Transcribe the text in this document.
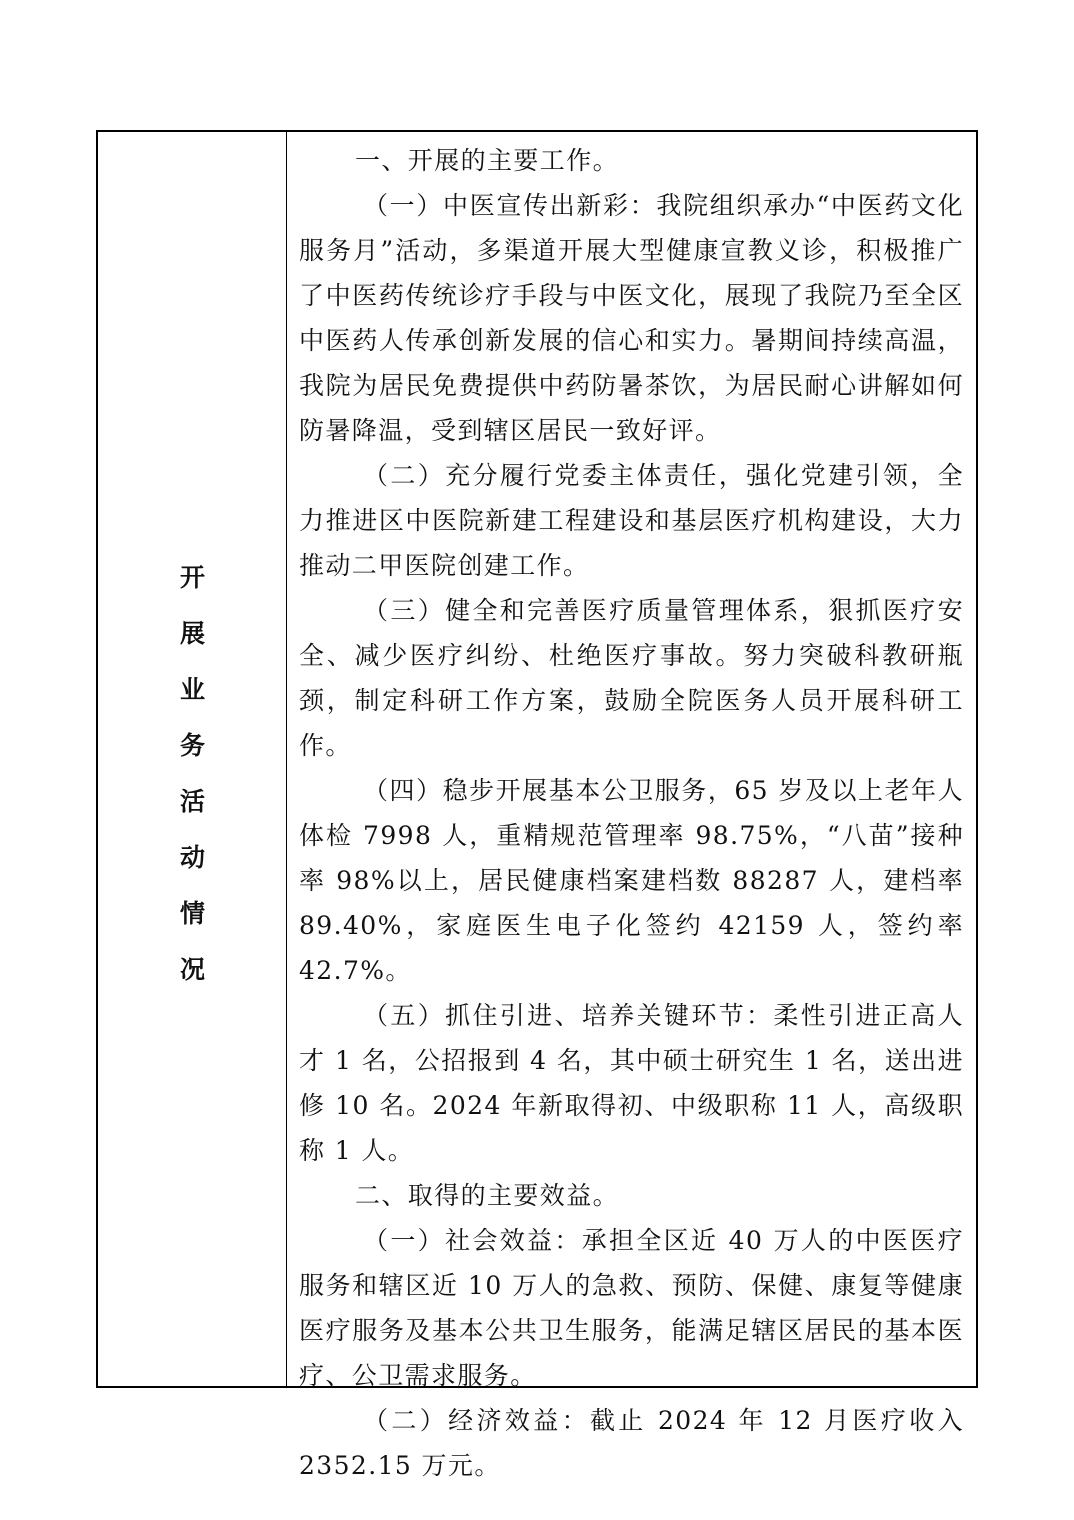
开
展
业
务
活
动
情
况

一、开展的主要工作。

（一）中医宣传出新彩：我院组织承办“中医药文化服务月”活动，多渠道开展大型健康宣教义诊，积极推广了中医药传统诊疗手段与中医文化，展现了我院乃至全区中医药人传承创新发展的信心和实力。暑期间持续高温，我院为居民免费提供中药防暑茶饮，为居民耐心讲解如何防暑降温，受到辖区居民一致好评。

（二）充分履行党委主体责任，强化党建引领，全力推进区中医院新建工程建设和基层医疗机构建设，大力推动二甲医院创建工作。

（三）健全和完善医疗质量管理体系，狠抓医疗安全、减少医疗纠纷、杜绝医疗事故。努力突破科教研瓶颈，制定科研工作方案，鼓励全院医务人员开展科研工作。

（四）稳步开展基本公卫服务，65 岁及以上老年人体检 7998 人，重精规范管理率 98.75%，“八苗”接种率 98%以上，居民健康档案建档数 88287 人，建档率 89.40%，家庭医生电子化签约 42159 人，签约率 42.7%。

（五）抓住引进、培养关键环节：柔性引进正高人才 1 名，公招报到 4 名，其中硕士研究生 1 名，送出进修 10 名。2024 年新取得初、中级职称 11 人，高级职称 1 人。

二、取得的主要效益。

（一）社会效益：承担全区近 40 万人的中医医疗服务和辖区近 10 万人的急救、预防、保健、康复等健康医疗服务及基本公共卫生服务，能满足辖区居民的基本医疗、公卫需求服务。

（二）经济效益：截止 2024 年 12 月医疗收入 2352.15 万元。
